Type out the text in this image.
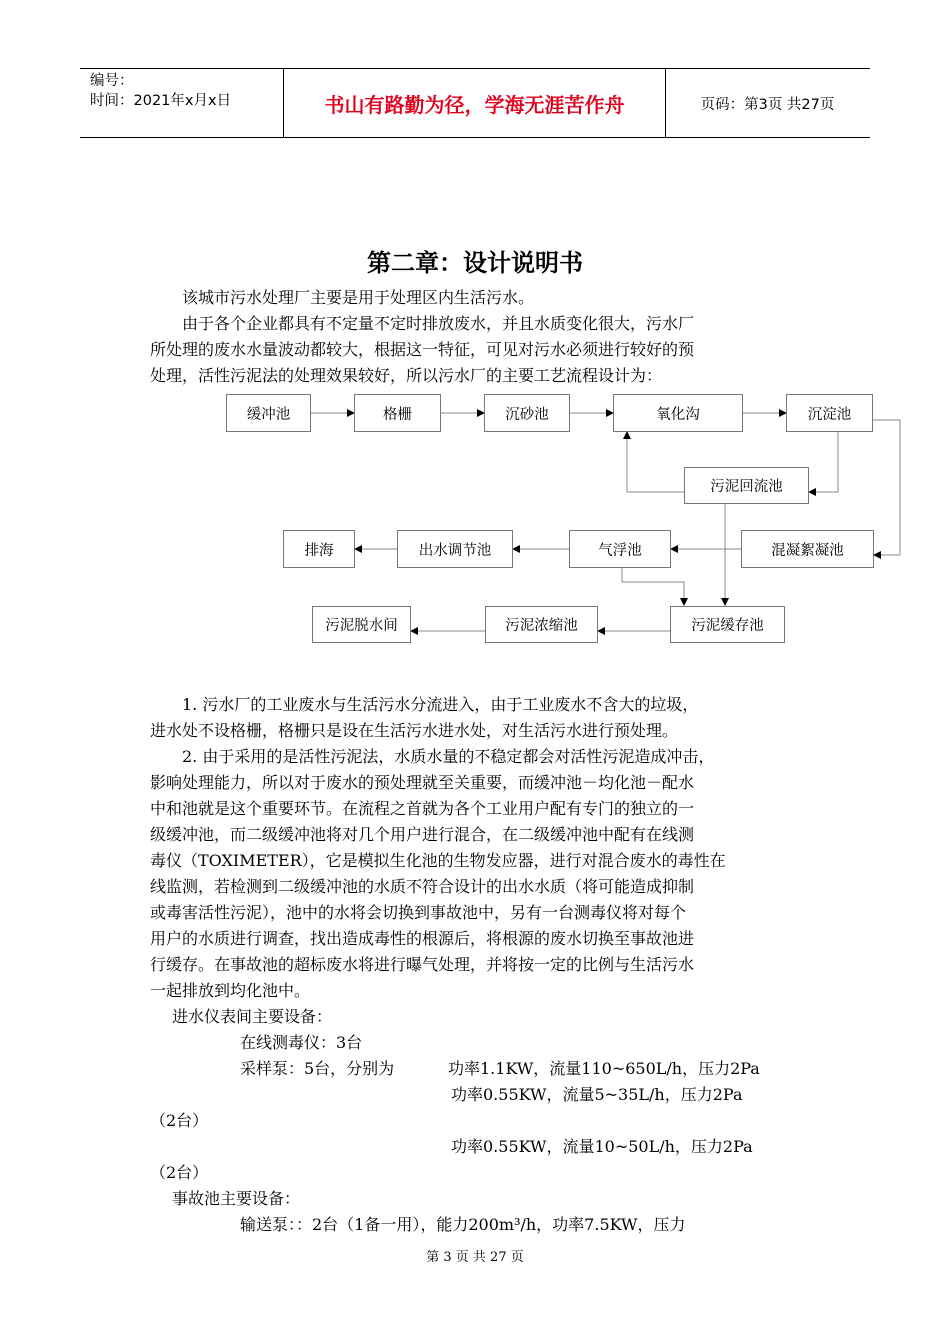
编号：
时间：2021年x月x日	书山有路勤为径，学海无涯苦作舟	页码：第3页 共27页
第二章：设计说明书
该城市污水处理厂主要是用于处理区内生活污水。
由于各个企业都具有不定量不定时排放废水，并且水质变化很大，污水厂
所处理的废水水量波动都较大，根据这一特征，可见对污水必须进行较好的预
处理，活性污泥法的处理效果较好，所以污水厂的主要工艺流程设计为：
缓冲池	格栅	沉砂池	氧化沟	沉淀池
污泥回流池
排海	出水调节池	气浮池	混凝絮凝池
污泥脱水间	污泥浓缩池	污泥缓存池
1. 污水厂的工业废水与生活污水分流进入，由于工业废水不含大的垃圾，
进水处不设格栅，格栅只是设在生活污水进水处，对生活污水进行预处理。
2. 由于采用的是活性污泥法，水质水量的不稳定都会对活性污泥造成冲击，
影响处理能力，所以对于废水的预处理就至关重要，而缓冲池－均化池－配水
中和池就是这个重要环节。在流程之首就为各个工业用户配有专门的独立的一
级缓冲池，而二级缓冲池将对几个用户进行混合，在二级缓冲池中配有在线测
毒仪（TOXIMETER），它是模拟生化池的生物发应器，进行对混合废水的毒性在
线监测，若检测到二级缓冲池的水质不符合设计的出水水质（将可能造成抑制
或毒害活性污泥），池中的水将会切换到事故池中，另有一台测毒仪将对每个
用户的水质进行调查，找出造成毒性的根源后，将根源的废水切换至事故池进
行缓存。在事故池的超标废水将进行曝气处理，并将按一定的比例与生活污水
一起排放到均化池中。
进水仪表间主要设备：
在线测毒仪：3台
采样泵：5台，分别为	功率1.1KW，流量110~650L/h，压力2Pa
功率0.55KW，流量5~35L/h，压力2Pa
（2台）
功率0.55KW，流量10~50L/h，压力2Pa
（2台）
事故池主要设备：
输送泵：：2台（1备一用），能力200m³/h，功率7.5KW，压力
第 3 页 共 27 页
